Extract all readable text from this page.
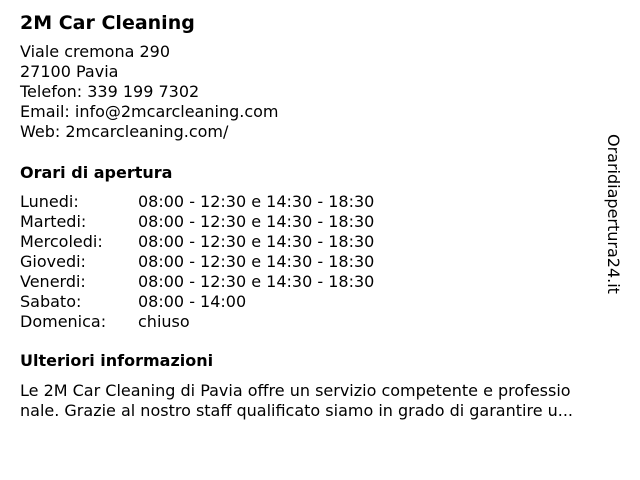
2M Car Cleaning
Viale cremona 290
27100 Pavia
Telefon: 339 199 7302
Email: info@2mcarcleaning.com
Web: 2mcarcleaning.com/
Orari di apertura
Lunedi:	08:00 - 12:30 e 14:30 - 18:30
Martedi:	08:00 - 12:30 e 14:30 - 18:30
Mercoledi:	08:00 - 12:30 e 14:30 - 18:30
Giovedi:	08:00 - 12:30 e 14:30 - 18:30
Venerdi:	08:00 - 12:30 e 14:30 - 18:30
Sabato:	08:00 - 14:00
Domenica:	chiuso
Ulteriori informazioni
Le 2M Car Cleaning di Pavia offre un servizio competente e professio
nale. Grazie al nostro staff qualificato siamo in grado di garantire u...
Oraridiapertura24.it
